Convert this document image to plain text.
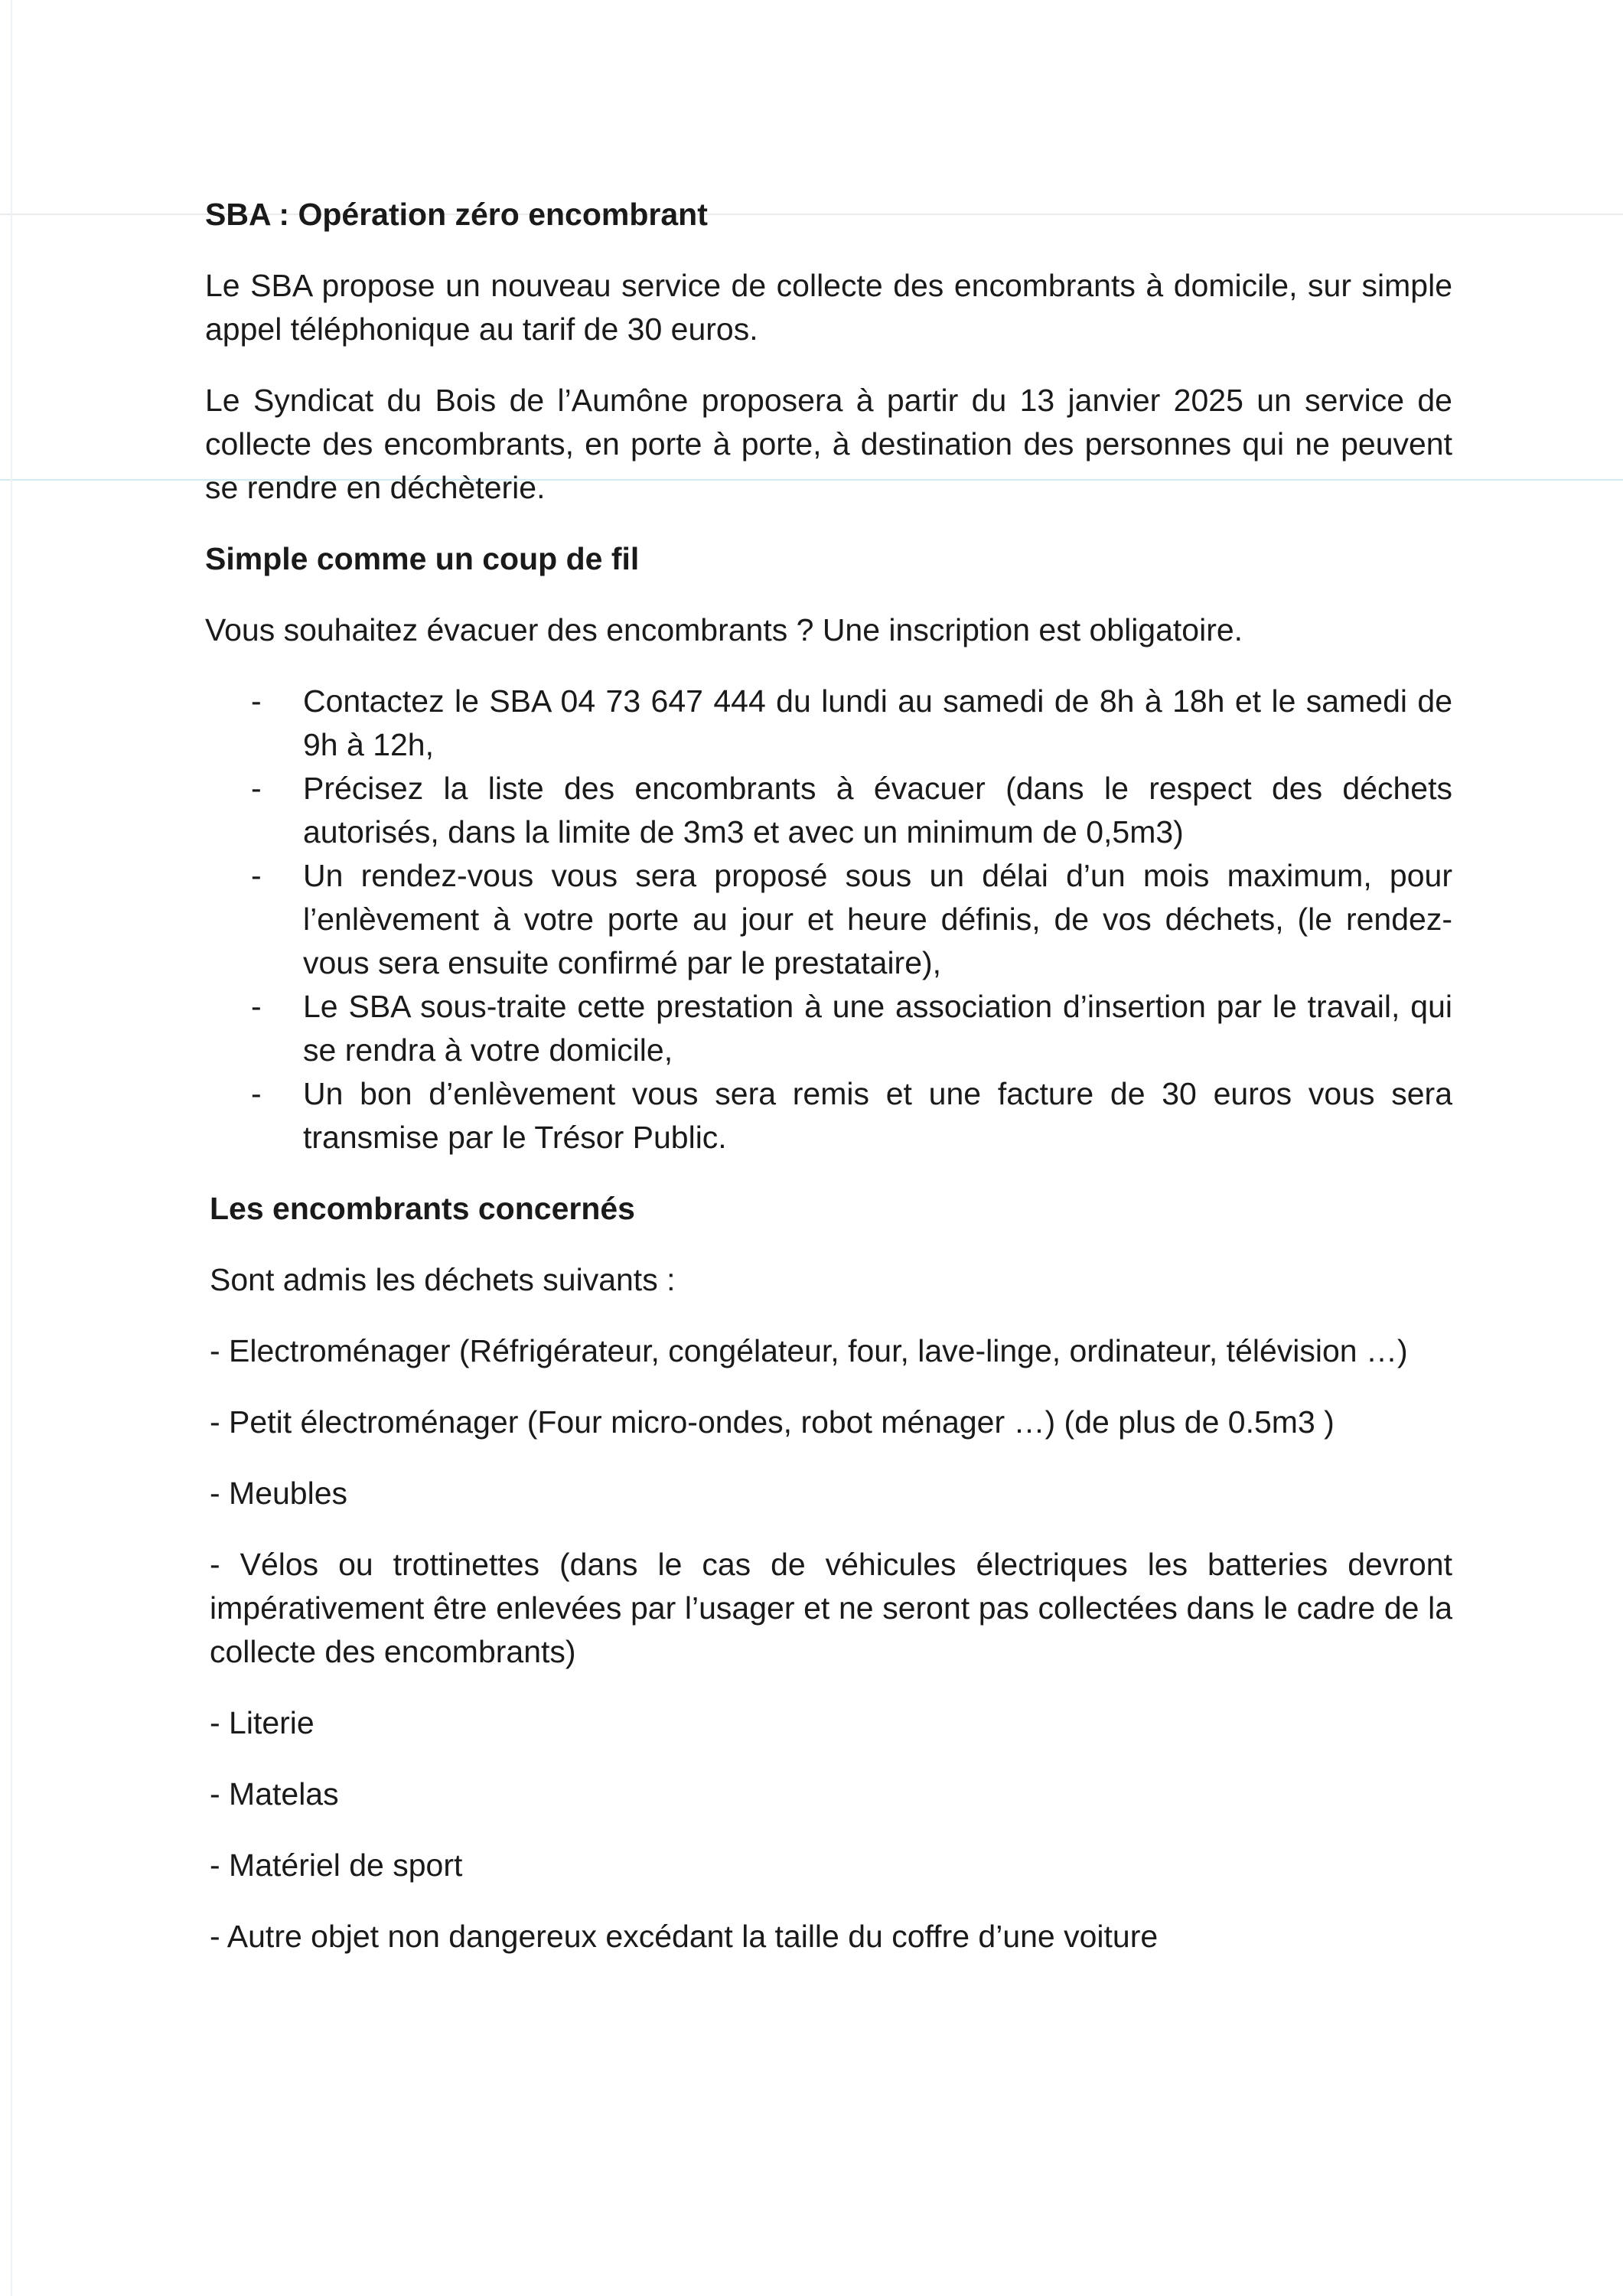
SBA : Opération zéro encombrant

Le SBA propose un nouveau service de collecte des encombrants à domicile, sur simple appel téléphonique au tarif de 30 euros.

Le Syndicat du Bois de l’Aumône proposera à partir du 13 janvier 2025 un service de collecte des encombrants, en porte à porte, à destination des personnes qui ne peuvent se rendre en déchèterie.

Simple comme un coup de fil

Vous souhaitez évacuer des encombrants ? Une inscription est obligatoire.

- Contactez le SBA 04 73 647 444 du lundi au samedi de 8h à 18h et le samedi de 9h à 12h,
- Précisez la liste des encombrants à évacuer (dans le respect des déchets autorisés, dans la limite de 3m3 et avec un minimum de 0,5m3)
- Un rendez-vous vous sera proposé sous un délai d’un mois maximum, pour l’enlèvement à votre porte au jour et heure définis, de vos déchets, (le rendez-vous sera ensuite confirmé par le prestataire),
- Le SBA sous-traite cette prestation à une association d’insertion par le travail, qui se rendra à votre domicile,
- Un bon d’enlèvement vous sera remis et une facture de 30 euros vous sera transmise par le Trésor Public.
Les encombrants concernés

Sont admis les déchets suivants :

- Electroménager (Réfrigérateur, congélateur, four, lave-linge, ordinateur, télévision …)

- Petit électroménager (Four micro-ondes, robot ménager …) (de plus de 0.5m3 )

- Meubles

- Vélos ou trottinettes (dans le cas de véhicules électriques les batteries devront impérativement être enlevées par l’usager et ne seront pas collectées dans le cadre de la collecte des encombrants)

- Literie

- Matelas

- Matériel de sport

- Autre objet non dangereux excédant la taille du coffre d’une voiture
